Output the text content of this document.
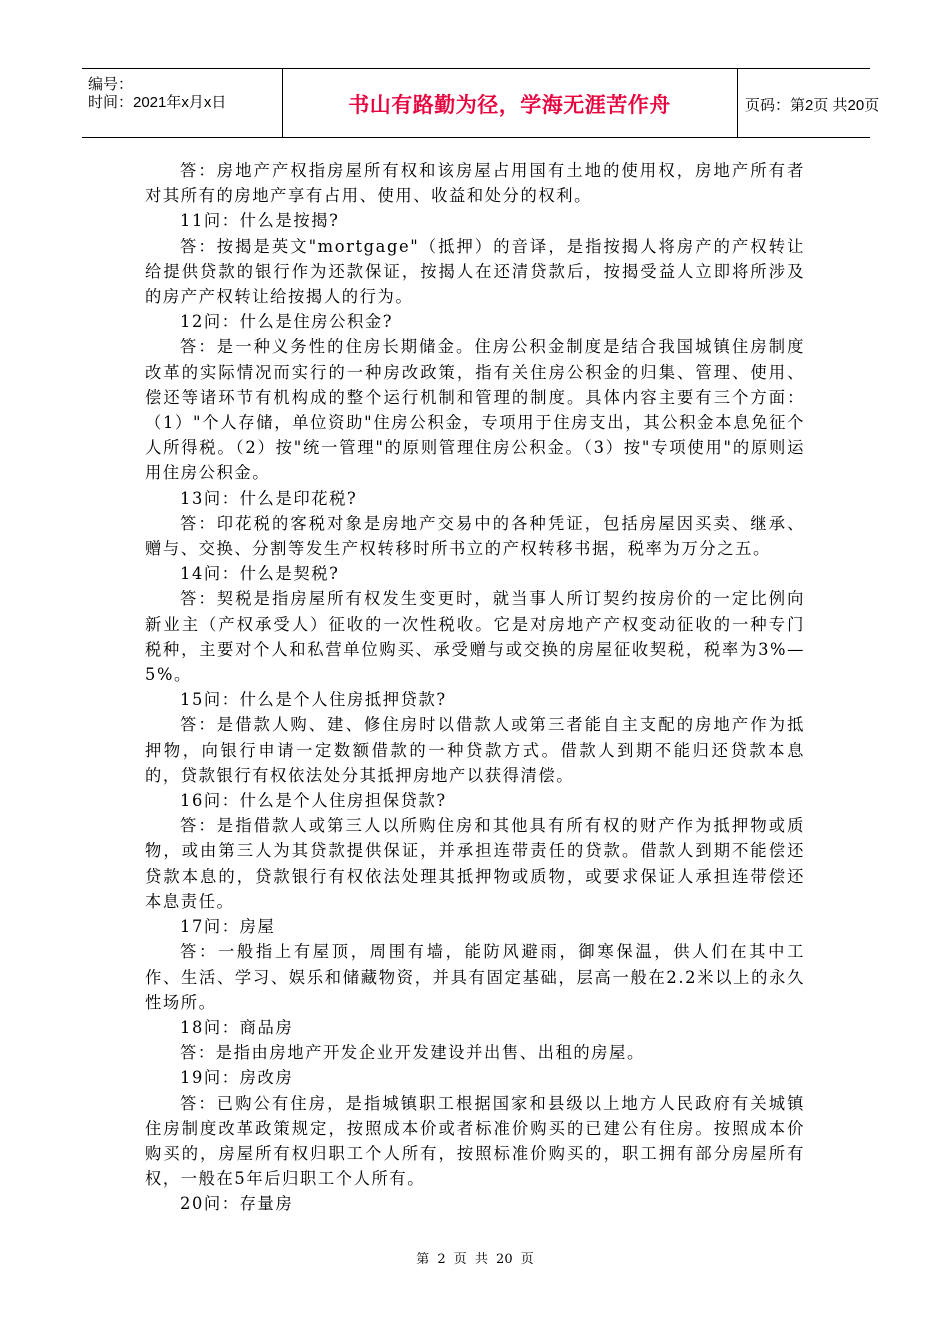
编号：
时间：2021年x月x日	书山有路勤为径，学海无涯苦作舟	页码：第2页 共20页

答：房地产产权指房屋所有权和该房屋占用国有土地的使用权，房地产所有者对其所有的房地产享有占用、使用、收益和处分的权利。

11问：什么是按揭?

答：按揭是英文"mortgage"（抵押）的音译，是指按揭人将房产的产权转让给提供贷款的银行作为还款保证，按揭人在还清贷款后，按揭受益人立即将所涉及的房产产权转让给按揭人的行为。

12问：什么是住房公积金?

答：是一种义务性的住房长期储金。住房公积金制度是结合我国城镇住房制度改革的实际情况而实行的一种房改政策，指有关住房公积金的归集、管理、使用、偿还等诸环节有机构成的整个运行机制和管理的制度。具体内容主要有三个方面：（1）"个人存储，单位资助"住房公积金，专项用于住房支出，其公积金本息免征个人所得税。（2）按"统一管理"的原则管理住房公积金。（3）按"专项使用"的原则运用住房公积金。

13问：什么是印花税?

答：印花税的客税对象是房地产交易中的各种凭证，包括房屋因买卖、继承、赠与、交换、分割等发生产权转移时所书立的产权转移书据，税率为万分之五。

14问：什么是契税?

答：契税是指房屋所有权发生变更时，就当事人所订契约按房价的一定比例向新业主（产权承受人）征收的一次性税收。它是对房地产产权变动征收的一种专门税种，主要对个人和私营单位购买、承受赠与或交换的房屋征收契税，税率为3%—5%。

15问：什么是个人住房抵押贷款?

答：是借款人购、建、修住房时以借款人或第三者能自主支配的房地产作为抵押物，向银行申请一定数额借款的一种贷款方式。借款人到期不能归还贷款本息的，贷款银行有权依法处分其抵押房地产以获得清偿。

16问：什么是个人住房担保贷款?

答：是指借款人或第三人以所购住房和其他具有所有权的财产作为抵押物或质物，或由第三人为其贷款提供保证，并承担连带责任的贷款。借款人到期不能偿还贷款本息的，贷款银行有权依法处理其抵押物或质物，或要求保证人承担连带偿还本息责任。

17问：房屋

答：一般指上有屋顶，周围有墙，能防风避雨，御寒保温，供人们在其中工作、生活、学习、娱乐和储藏物资，并具有固定基础，层高一般在2.2米以上的永久性场所。

18问：商品房

答：是指由房地产开发企业开发建设并出售、出租的房屋。

19问：房改房

答：已购公有住房，是指城镇职工根据国家和县级以上地方人民政府有关城镇住房制度改革政策规定，按照成本价或者标准价购买的已建公有住房。按照成本价购买的，房屋所有权归职工个人所有，按照标准价购买的，职工拥有部分房屋所有权，一般在5年后归职工个人所有。

20问：存量房

第 2 页 共 20 页
